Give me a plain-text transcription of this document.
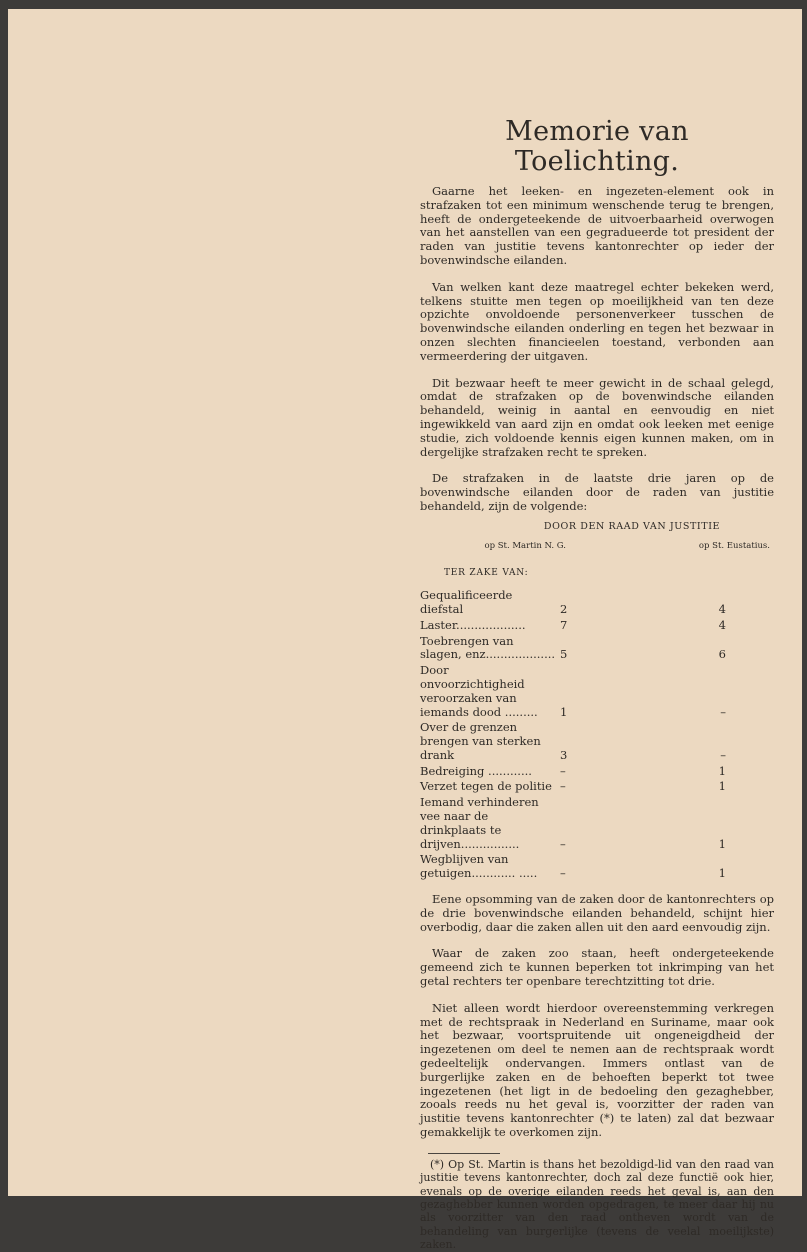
Memorie van Toelichting.
Gaarne het leeken- en ingezeten-element ook in strafzaken tot een minimum wenschende terug te brengen, heeft de ondergeteekende de uitvoerbaarheid overwogen van het aanstellen van een gegradueerde tot president der raden van justitie tevens kantonrechter op ieder der bovenwindsche eilanden.
Van welken kant deze maatregel echter bekeken werd, telkens stuitte men tegen op moeilijkheid van ten deze opzichte onvoldoende personenverkeer tusschen de bovenwindsche eilanden onderling en tegen het bezwaar in onzen slechten financieelen toestand, verbonden aan vermeerdering der uitgaven.
Dit bezwaar heeft te meer gewicht in de schaal gelegd, omdat de strafzaken op de bovenwindsche eilanden behandeld, weinig in aantal en eenvoudig en niet ingewikkeld van aard zijn en omdat ook leeken met eenige studie, zich voldoende kennis eigen kunnen maken, om in dergelijke strafzaken recht te spreken.
De strafzaken in de laatste drie jaren op de bovenwindsche eilanden door de raden van justitie behandeld, zijn de volgende:
DOOR DEN RAAD VAN JUSTITIE
op St. Martin N. G.	op St. Eustatius.
TER ZAKE VAN:
Gequalificeerde diefstal	2	4
Laster...................	7	4
Toebrengen van slagen, enz................... 5	6
Door onvoorzichtigheid veroorzaken van iemands dood .........	1	–
Over de grenzen brengen van sterken drank	3	–
Bedreiging ............	–	1
Verzet tegen de politie –	1
Iemand verhinderen vee naar de drinkplaats te drijven................	–	1
Wegblijven van getuigen............ .....	–	1
Eene opsomming van de zaken door de kantonrechters op de drie bovenwindsche eilanden behandeld, schijnt hier overbodig, daar die zaken allen uit den aard eenvoudig zijn.
Waar de zaken zoo staan, heeft ondergeteekende gemeend zich te kunnen beperken tot inkrimping van het getal rechters ter openbare terechtzitting tot drie.
Niet alleen wordt hierdoor overeenstemming verkregen met de rechtspraak in Nederland en Suriname, maar ook het bezwaar, voortspruitende uit ongeneigdheid der ingezetenen om deel te nemen aan de rechtspraak wordt gedeeltelijk ondervangen. Immers ontlast van de burgerlijke zaken en de behoeften beperkt tot twee ingezetenen (het ligt in de bedoeling den gezaghebber, zooals reeds nu het geval is, voorzitter der raden van justitie tevens kantonrechter (*) te laten) zal dat bezwaar gemakkelijk te overkomen zijn.
(*) Op St. Martin is thans het bezoldigd-lid van den raad van justitie tevens kantonrechter, doch zal deze functië ook hier, evenals op de overige eilanden reeds het geval is, aan den gezaghebber kunnen worden opgedragen, te meer daar hij nu als voorzitter van den raad ontheven wordt van de behandeling van burgerlijke (tevens de veelal moeilijkste) zaken.
